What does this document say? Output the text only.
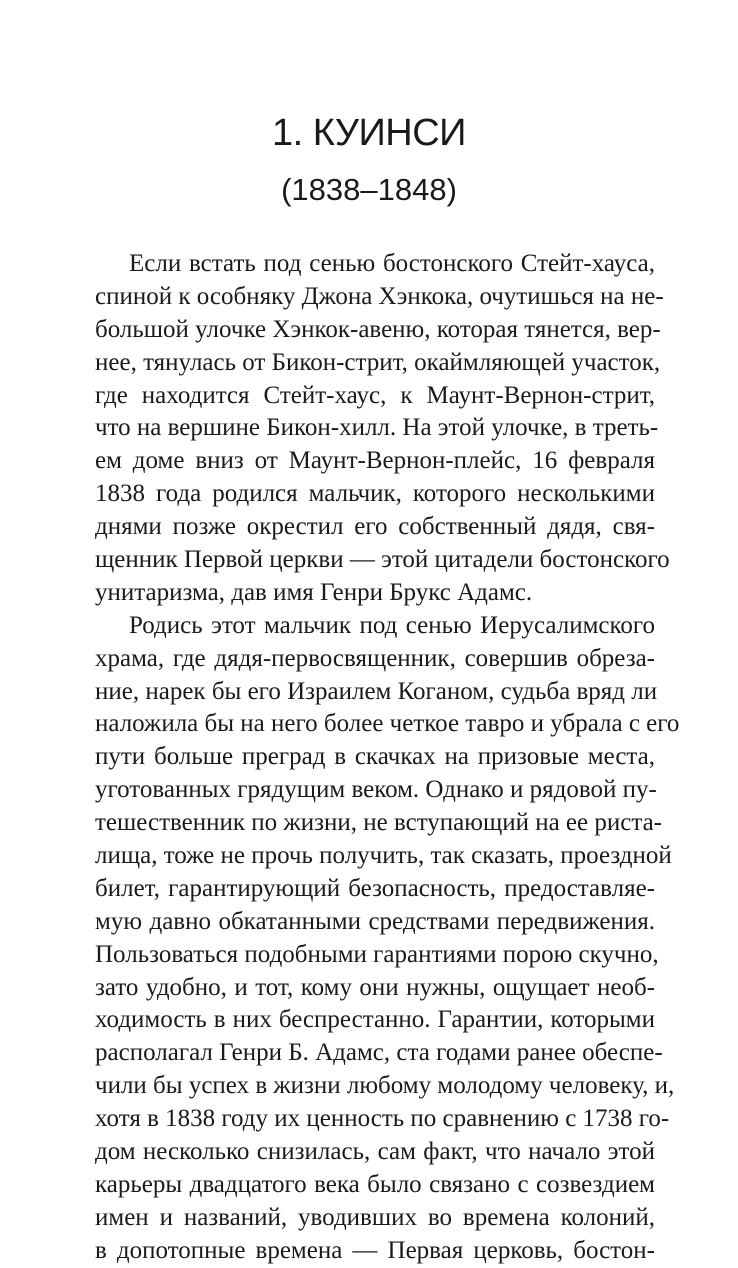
1. КУИНСИ
(1838–1848)
Если встать под сенью бостонского Стейт-хауса,
спиной к особняку Джона Хэнкока, очутишься на не-
большой улочке Хэнкок-авеню, которая тянется, вер-
нее, тянулась от Бикон-стрит, окаймляющей участок,
где находится Стейт-хаус, к Маунт-Вернон-стрит,
что на вершине Бикон-хилл. На этой улочке, в треть-
ем доме вниз от Маунт-Вернон-плейс, 16 февраля
1838 года родился мальчик, которого несколькими
днями позже окрестил его собственный дядя, свя-
щенник Первой церкви — этой цитадели бостонского
унитаризма, дав имя Генри Брукс Адамс.
Родись этот мальчик под сенью Иерусалимского
храма, где дядя-первосвященник, совершив обреза-
ние, нарек бы его Израилем Коганом, судьба вряд ли
наложила бы на него более четкое тавро и убрала с его
пути больше преград в скачках на призовые места,
уготованных грядущим веком. Однако и рядовой пу-
тешественник по жизни, не вступающий на ее риста-
лища, тоже не прочь получить, так сказать, проездной
билет, гарантирующий безопасность, предоставляе-
мую давно обкатанными средствами передвижения.
Пользоваться подобными гарантиями порою скучно,
зато удобно, и тот, кому они нужны, ощущает необ-
ходимость в них беспрестанно. Гарантии, которыми
располагал Генри Б. Адамс, ста годами ранее обеспе-
чили бы успех в жизни любому молодому человеку, и,
хотя в 1838 году их ценность по сравнению с 1738 го-
дом несколько снизилась, сам факт, что начало этой
карьеры двадцатого века было связано с созвездием
имен и названий, уводивших во времена колоний,
в допотопные времена — Первая церковь, бостон-
